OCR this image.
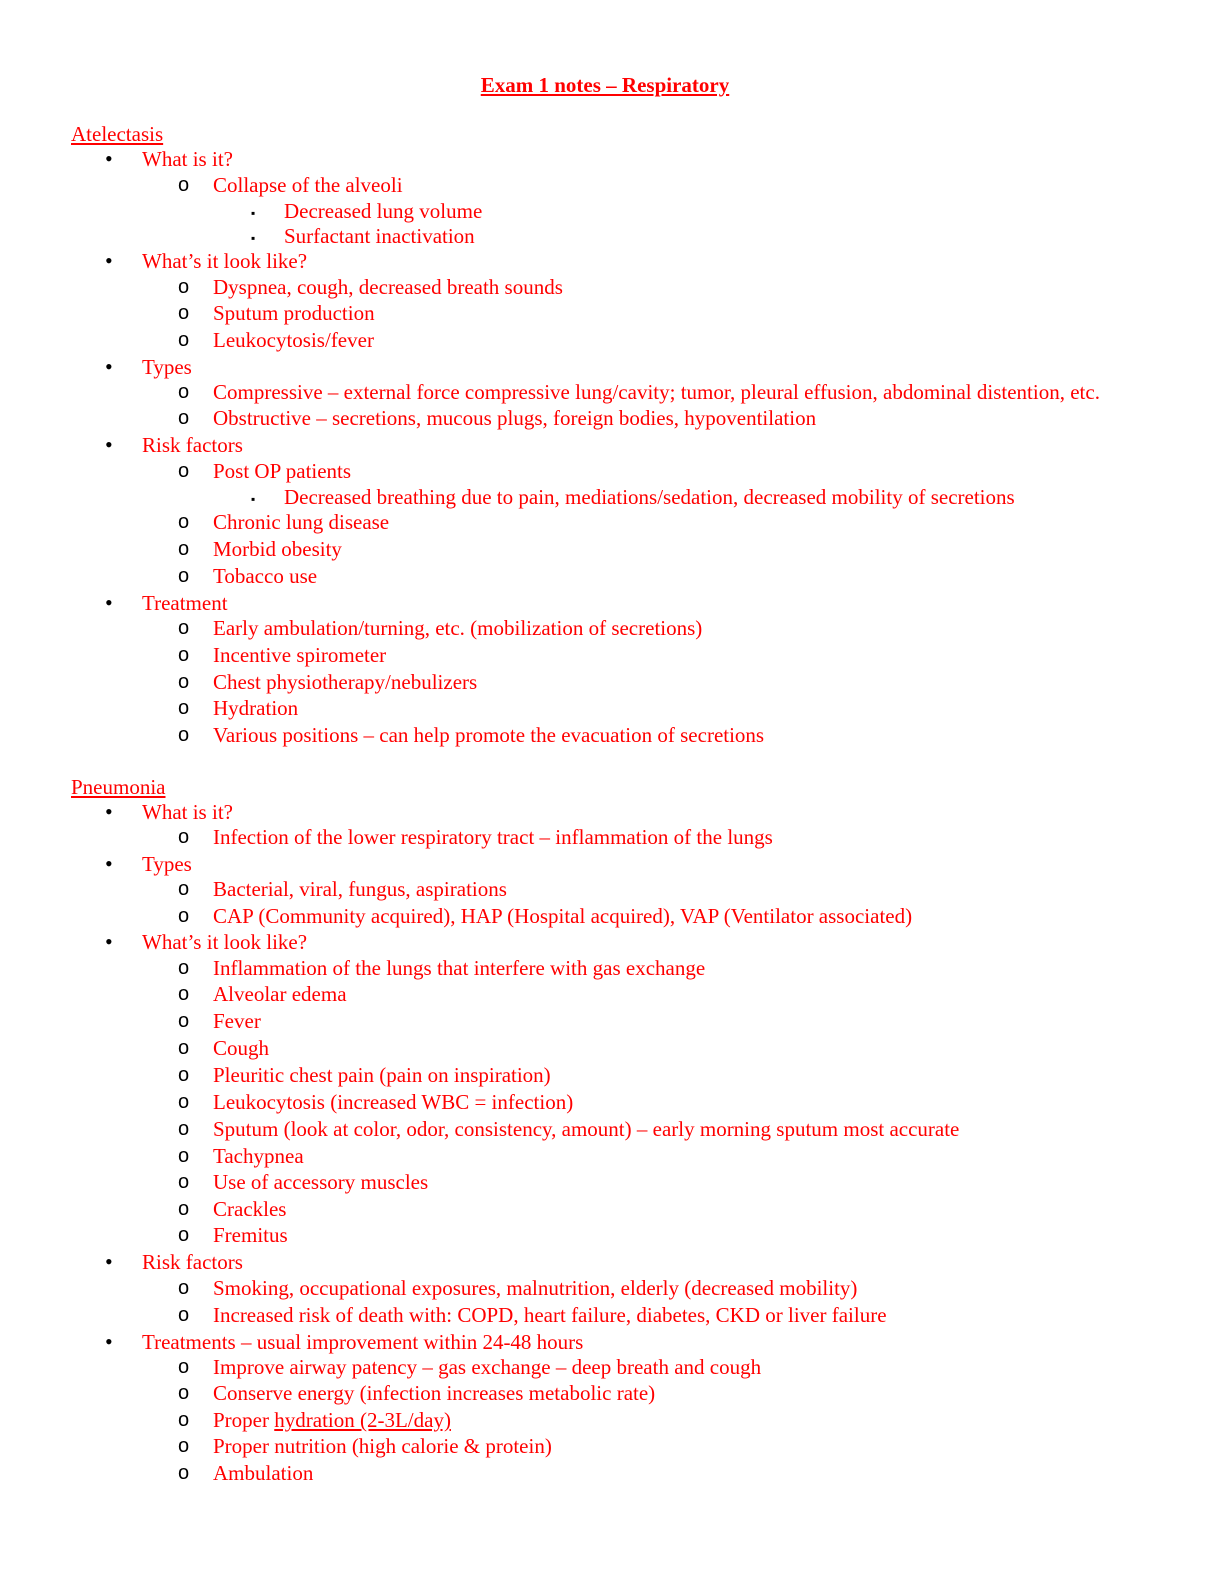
Exam 1 notes – Respiratory
Atelectasis
• What is it?
o Collapse of the alveoli
▪ Decreased lung volume
▪ Surfactant inactivation
• What’s it look like?
o Dyspnea, cough, decreased breath sounds
o Sputum production
o Leukocytosis/fever
• Types
o Compressive – external force compressive lung/cavity; tumor, pleural effusion, abdominal distention, etc.
o Obstructive – secretions, mucous plugs, foreign bodies, hypoventilation
• Risk factors
o Post OP patients
▪ Decreased breathing due to pain, mediations/sedation, decreased mobility of secretions
o Chronic lung disease
o Morbid obesity
o Tobacco use
• Treatment
o Early ambulation/turning, etc. (mobilization of secretions)
o Incentive spirometer
o Chest physiotherapy/nebulizers
o Hydration
o Various positions – can help promote the evacuation of secretions
Pneumonia
• What is it?
o Infection of the lower respiratory tract – inflammation of the lungs
• Types
o Bacterial, viral, fungus, aspirations
o CAP (Community acquired), HAP (Hospital acquired), VAP (Ventilator associated)
• What’s it look like?
o Inflammation of the lungs that interfere with gas exchange
o Alveolar edema
o Fever
o Cough
o Pleuritic chest pain (pain on inspiration)
o Leukocytosis (increased WBC = infection)
o Sputum (look at color, odor, consistency, amount) – early morning sputum most accurate
o Tachypnea
o Use of accessory muscles
o Crackles
o Fremitus
• Risk factors
o Smoking, occupational exposures, malnutrition, elderly (decreased mobility)
o Increased risk of death with: COPD, heart failure, diabetes, CKD or liver failure
• Treatments – usual improvement within 24-48 hours
o Improve airway patency – gas exchange – deep breath and cough
o Conserve energy (infection increases metabolic rate)
o Proper hydration (2-3L/day)
o Proper nutrition (high calorie & protein)
o Ambulation
